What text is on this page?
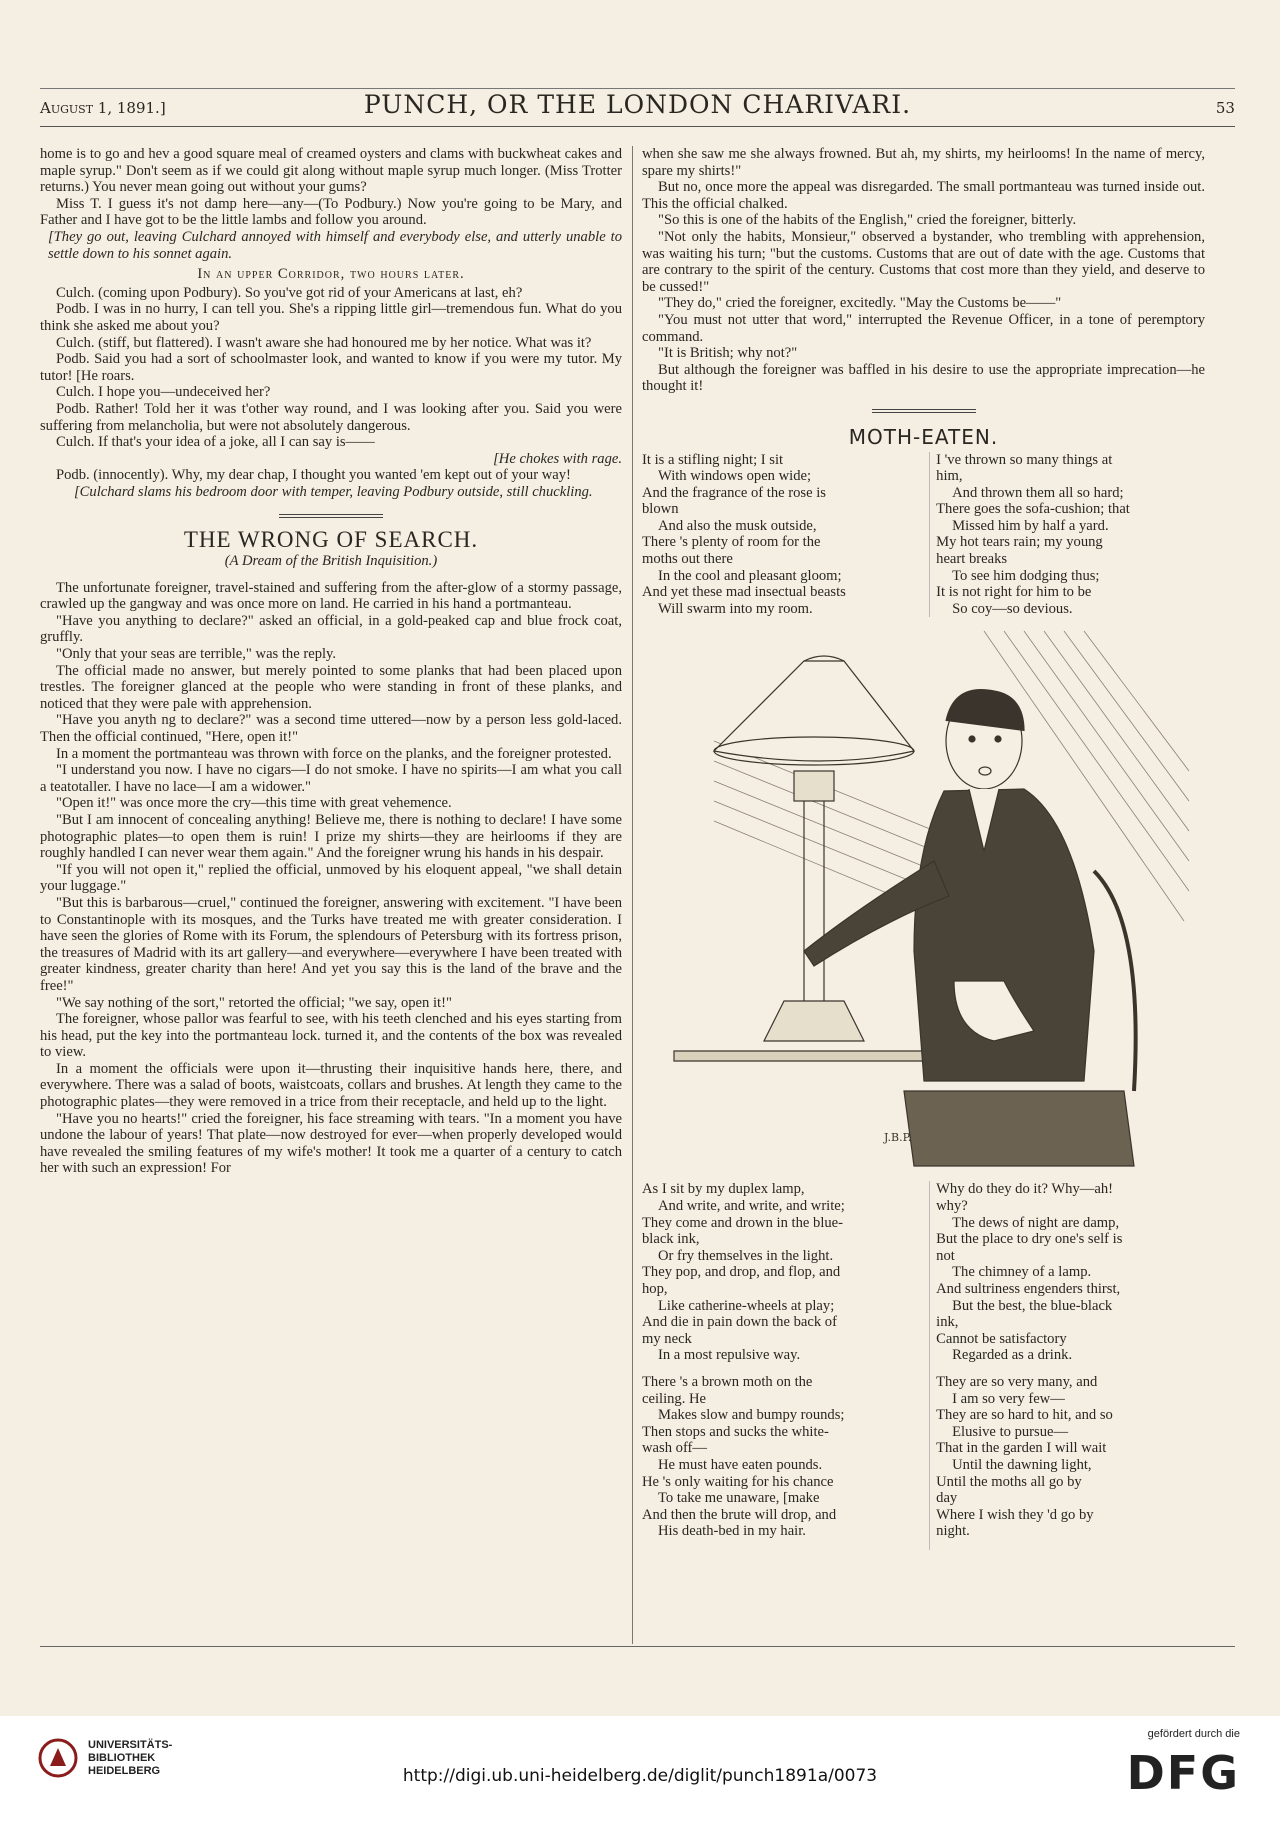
August 1, 1891.]	PUNCH, OR THE LONDON CHARIVARI.	53

home is to go and hev a good square meal of creamed oysters and clams with buckwheat cakes and maple syrup." Don't seem as if we could git along without maple syrup much longer. (Miss Trotter returns.) You never mean going out without your gums?

Miss T. I guess it's not damp here—any—(To Podbury.) Now you're going to be Mary, and Father and I have got to be the little lambs and follow you around.

[They go out, leaving Culchard annoyed with himself and everybody else, and utterly unable to settle down to his sonnet again.

In an upper Corridor, two hours later.

Culch. (coming upon Podbury). So you've got rid of your Americans at last, eh?

Podb. I was in no hurry, I can tell you. She's a ripping little girl—tremendous fun. What do you think she asked me about you?

Culch. (stiff, but flattered). I wasn't aware she had honoured me by her notice. What was it?

Podb. Said you had a sort of schoolmaster look, and wanted to know if you were my tutor. My tutor! [He roars.

Culch. I hope you—undeceived her?

Podb. Rather! Told her it was t'other way round, and I was looking after you. Said you were suffering from melancholia, but were not absolutely dangerous.

Culch. If that's your idea of a joke, all I can say is——

[He chokes with rage.

Podb. (innocently). Why, my dear chap, I thought you wanted 'em kept out of your way!

[Culchard slams his bedroom door with temper, leaving Podbury outside, still chuckling.

THE WRONG OF SEARCH.
(A Dream of the British Inquisition.)

The unfortunate foreigner, travel-stained and suffering from the after-glow of a stormy passage, crawled up the gangway and was once more on land. He carried in his hand a portmanteau.

"Have you anything to declare?" asked an official, in a gold-peaked cap and blue frock coat, gruffly.

"Only that your seas are terrible," was the reply.

The official made no answer, but merely pointed to some planks that had been placed upon trestles. The foreigner glanced at the people who were standing in front of these planks, and noticed that they were pale with apprehension.

"Have you anyth ng to declare?" was a second time uttered—now by a person less gold-laced. Then the official continued, "Here, open it!"

In a moment the portmanteau was thrown with force on the planks, and the foreigner protested.

"I understand you now. I have no cigars—I do not smoke. I have no spirits—I am what you call a teatotaller. I have no lace—I am a widower."

"Open it!" was once more the cry—this time with great vehemence.

"But I am innocent of concealing anything! Believe me, there is nothing to declare! I have some photographic plates—to open them is ruin! I prize my shirts—they are heirlooms if they are roughly handled I can never wear them again." And the foreigner wrung his hands in his despair.

"If you will not open it," replied the official, unmoved by his eloquent appeal, "we shall detain your luggage."

"But this is barbarous—cruel," continued the foreigner, answering with excitement. "I have been to Constantinople with its mosques, and the Turks have treated me with greater consideration. I have seen the glories of Rome with its Forum, the splendours of Petersburg with its fortress prison, the treasures of Madrid with its art gallery—and everywhere—everywhere I have been treated with greater kindness, greater charity than here! And yet you say this is the land of the brave and the free!"

"We say nothing of the sort," retorted the official; "we say, open it!"

The foreigner, whose pallor was fearful to see, with his teeth clenched and his eyes starting from his head, put the key into the portmanteau lock. turned it, and the contents of the box was revealed to view.

In a moment the officials were upon it—thrusting their inquisitive hands here, there, and everywhere. There was a salad of boots, waistcoats, collars and brushes. At length they came to the photographic plates—they were removed in a trice from their receptacle, and held up to the light.

"Have you no hearts!" cried the foreigner, his face streaming with tears. "In a moment you have undone the labour of years! That plate—now destroyed for ever—when properly developed would have revealed the smiling features of my wife's mother! It took me a quarter of a century to catch her with such an expression! For

when she saw me she always frowned. But ah, my shirts, my heirlooms! In the name of mercy, spare my shirts!"

But no, once more the appeal was disregarded. The small portmanteau was turned inside out. This the official chalked.

"So this is one of the habits of the English," cried the foreigner, bitterly.

"Not only the habits, Monsieur," observed a bystander, who trembling with apprehension, was waiting his turn; "but the customs. Customs that are out of date with the age. Customs that are contrary to the spirit of the century. Customs that cost more than they yield, and deserve to be cussed!"

"They do," cried the foreigner, excitedly. "May the Customs be——"

"You must not utter that word," interrupted the Revenue Officer, in a tone of peremptory command.

"It is British; why not?"

But although the foreigner was baffled in his desire to use the appropriate imprecation—he thought it!

MOTH-EATEN.
It is a stifling night; I sit
With windows open wide;
And the fragrance of the rose is
blown
And also the musk outside,
There 's plenty of room for the
moths out there
In the cool and pleasant gloom;
And yet these mad insectual beasts
Will swarm into my room.
I 've thrown so many things at
him,
And thrown them all so hard;
There goes the sofa-cushion; that
Missed him by half a yard.
My hot tears rain; my young
heart breaks
To see him dodging thus;
It is not right for him to be
So coy—so devious.
J.B.P.
As I sit by my duplex lamp,
And write, and write, and write;
They come and drown in the blue-
black ink,
Or fry themselves in the light.
They pop, and drop, and flop, and
hop,
Like catherine-wheels at play;
And die in pain down the back of
my neck
In a most repulsive way.
There 's a brown moth on the
ceiling. He
Makes slow and bumpy rounds;
Then stops and sucks the white-
wash off—
He must have eaten pounds.
He 's only waiting for his chance
To take me unaware, [make
And then the brute will drop, and
His death-bed in my hair.
Why do they do it? Why—ah!
why?
The dews of night are damp,
But the place to dry one's self is
not
The chimney of a lamp.
And sultriness engenders thirst,
But the best, the blue-black
ink,
Cannot be satisfactory
Regarded as a drink.
They are so very many, and
I am so very few—
They are so hard to hit, and so
Elusive to pursue—
That in the garden I will wait
Until the dawning light,
Until the moths all go by
day
Where I wish they 'd go by
night.
UNIVERSITÄTS-
BIBLIOTHEK
HEIDELBERG	http://digi.ub.uni-heidelberg.de/diglit/punch1891a/0073
gefördert durch die
DFG
